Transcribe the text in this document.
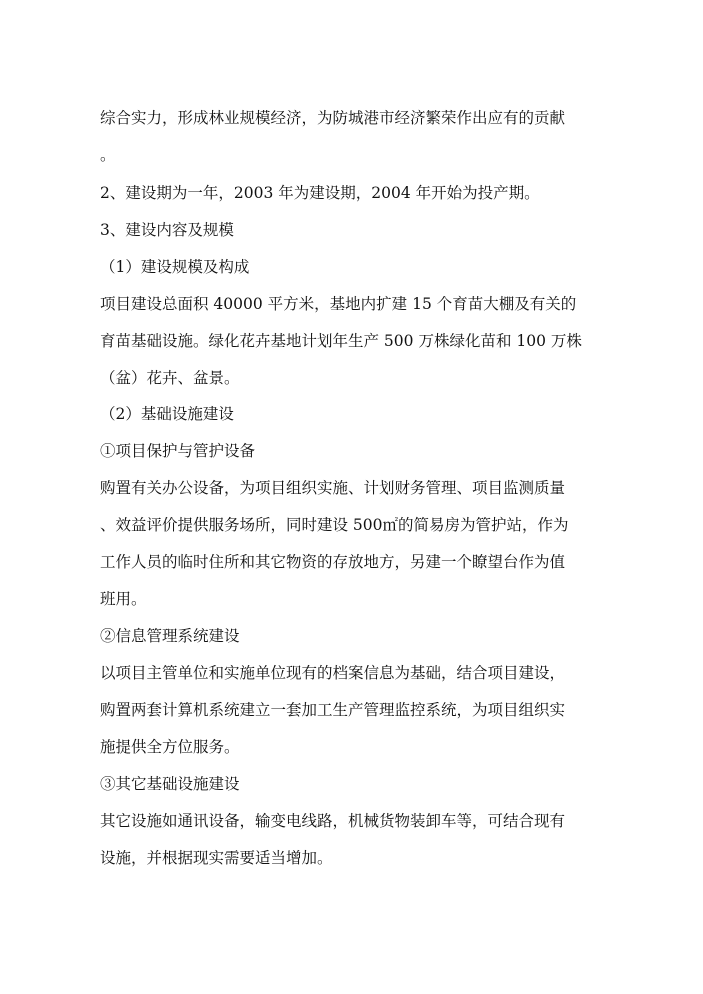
综合实力，形成林业规模经济，为防城港市经济繁荣作出应有的贡献

。

2、建设期为一年，2003 年为建设期，2004 年开始为投产期。

3、建设内容及规模

（1）建设规模及构成

项目建设总面积 40000 平方米，基地内扩建 15 个育苗大棚及有关的

育苗基础设施。绿化花卉基地计划年生产 500 万株绿化苗和 100 万株

（盆）花卉、盆景。

（2）基础设施建设

①项目保护与管护设备

购置有关办公设备，为项目组织实施、计划财务管理、项目监测质量

、效益评价提供服务场所，同时建设 500㎡的简易房为管护站，作为

工作人员的临时住所和其它物资的存放地方，另建一个瞭望台作为值

班用。

②信息管理系统建设

以项目主管单位和实施单位现有的档案信息为基础，结合项目建设，

购置两套计算机系统建立一套加工生产管理监控系统，为项目组织实

施提供全方位服务。

③其它基础设施建设

其它设施如通讯设备，输变电线路，机械货物装卸车等，可结合现有

设施，并根据现实需要适当增加。
